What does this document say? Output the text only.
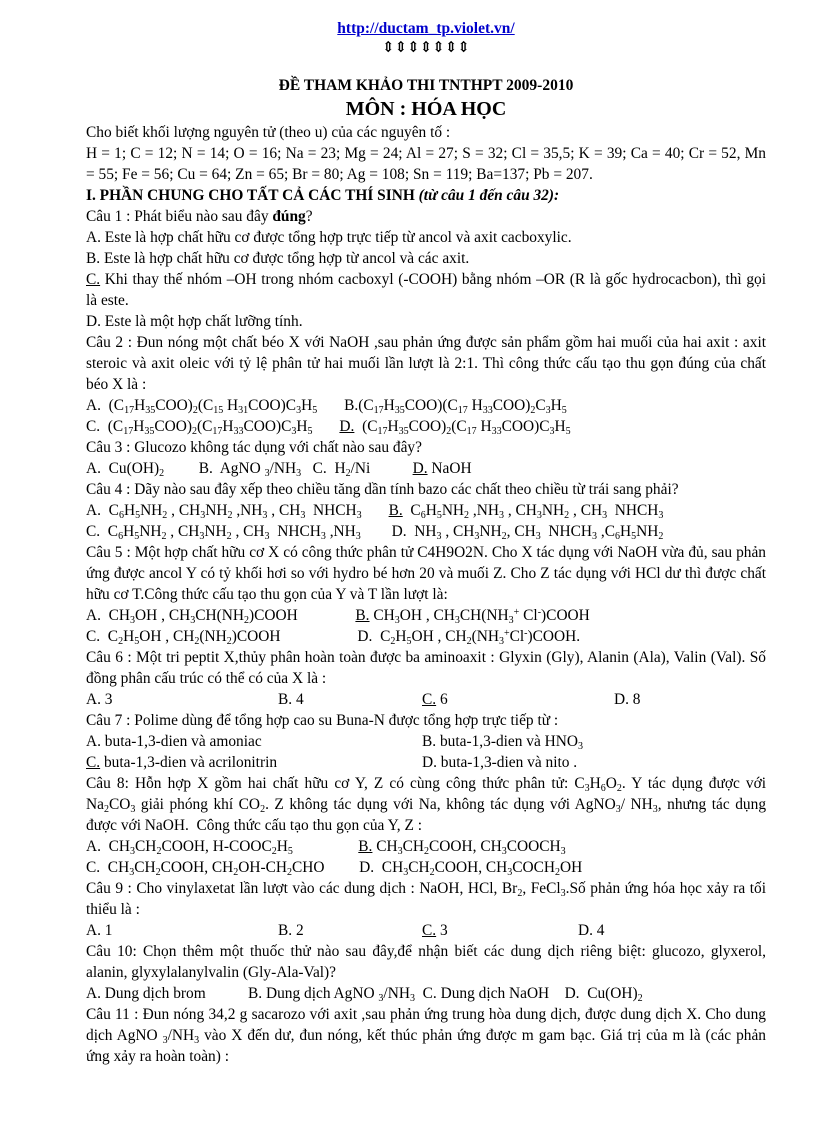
http://ductam_tp.violet.vn/
⇕⇕⇕⇕⇕⇕⇕
ĐỀ THAM KHẢO THI TNTHPT 2009-2010
MÔN : HÓA HỌC
Cho biết khối lượng nguyên tử (theo u) của các nguyên tố :
H = 1; C = 12; N = 14; O = 16; Na = 23; Mg = 24; Al = 27; S = 32; Cl = 35,5; K = 39; Ca = 40; Cr = 52, Mn = 55; Fe = 56; Cu = 64; Zn = 65; Br = 80; Ag = 108; Sn = 119; Ba=137; Pb = 207.
I. PHẦN CHUNG CHO TẤT CẢ CÁC THÍ SINH (từ câu 1 đến câu 32):
Câu 1 : Phát biểu nào sau đây đúng?
A. Este là hợp chất hữu cơ được tổng hợp trực tiếp từ ancol và axit cacboxylic.
B. Este là hợp chất hữu cơ được tổng hợp từ ancol và các axit.
C. Khi thay thế nhóm –OH trong nhóm cacboxyl (-COOH) bằng nhóm –OR (R là gốc hydrocacbon), thì gọi là este.
D. Este là một hợp chất lưỡng tính.
Câu 2 : Đun nóng một chất béo X với NaOH ,sau phản ứng được sản phẩm gồm hai muối của hai axit : axit steroic và axit oleic với tỷ lệ phân tử hai muối lần lượt là 2:1. Thì công thức cấu tạo thu gọn đúng của chất béo X là :
A.  $(C_{17}H_{35}COO)_2(C_{15}$ $H_{31}COO)C_3H_5$       $B.(C_{17}H_{35}COO)(C_{17}$ $H_{33}COO)_2C_3H_5$
C.  $(C_{17}H_{35}COO)_2(C_{17}H_{33}COO)C_3H_5$ D.  $(C_{17}H_{35}COO)_2(C_{17}$ $H_{33}COO)C_3H_5$
Câu 3 : Glucozo không tác dụng với chất nào sau đây?
A.  $Cu(OH)_2$         B.  AgNO $_3/NH_3$   C.  $H_2/Ni$           D. NaOH
Câu 4 : Dãy nào sau đây xếp theo chiều tăng dần tính bazo các chất theo chiều từ trái sang phải?
A.  $C_6H_5NH_2$ , $CH_3NH_2$ $,NH_3$ , $CH_3$  $NHCH_3$ B.  $C_6H_5NH_2$ $,NH_3$ , $CH_3NH_2$ , $CH_3$  $NHCH_3$
C.  $C_6H_5NH_2$ , $CH_3NH_2$ , $CH_3$  $NHCH_3$ $,NH_3$        D.  $NH_3$ , $CH_3NH_2$, $CH_3$  $NHCH_3$ $,C_6H_5NH_2$
Câu 5 : Một hợp chất hữu cơ X có công thức phân tử C4H9O2N. Cho X tác dụng với NaOH vừa đủ, sau phản ứng được ancol Y có tỷ khối hơi so với hydro bé hơn 20 và muối Z. Cho Z tác dụng với HCl dư thì được chất hữu cơ T.Công thức cấu tạo thu gọn của Y và T lần lượt là:
A.  $CH_3OH$ , $CH_3CH(NH_2)COOH$               B. $CH_3OH$ , $CH_3CH(NH_3^+$ Cl-)COOH
C.  $C_2H_5OH$ , $CH_2(NH_2)COOH$                    D.  $C_2H_5OH$ , $CH_2(NH_3^+Cl^-)COOH$.
Câu 6 : Một tri peptit X,thủy phân hoàn toàn được ba aminoaxit : Glyxin (Gly), Alanin (Ala), Valin (Val). Số đồng phân cấu trúc có thể có của X là :
A. 3	B. 4	C. 6	D. 8
Câu 7 : Polime dùng để tổng hợp cao su Buna-N được tổng hợp trực tiếp từ :
A. buta-1,3-dien và amoniac	B. buta-1,3-dien và $HNO_3$
C. buta-1,3-dien và acrilonitrin	D. buta-1,3-dien và nito .
Câu 8: Hỗn hợp X gồm hai chất hữu cơ Y, Z có cùng công thức phân tử: $C_3H_6O_2$. Y tác dụng được với $Na_2CO_3$ giải phóng khí $CO_2$. Z không tác dụng với Na, không tác dụng với AgNO$_3$/ $NH_3$, nhưng tác dụng được với NaOH.  Công thức cấu tạo thu gọn của Y, Z :
A.  $CH_3CH_2COOH$, $H-COOC_2H_5$	B. $CH_3CH_2COOH$, $CH_3COOCH_3$
C.  $CH_3CH_2COOH$, $CH_2OH-CH_2CHO$         D.  $CH_3CH_2COOH$, $CH_3COCH_2OH$
Câu 9 : Cho vinylaxetat lần lượt vào các dung dịch : NaOH, HCl, $Br_2$, FeCl$_3$.Số phản ứng hóa học xảy ra tối thiểu là :
A. 1	B. 2	C. 3	D. 4
Câu 10: Chọn thêm một thuốc thử nào sau đây,để nhận biết các dung dịch riêng biệt: glucozo, glyxerol, alanin, glyxylalanylvalin (Gly-Ala-Val)?
A. Dung dịch brom           B. Dung dịch AgNO $_3/NH_3$ C. Dung dịch NaOH    D.  $Cu(OH)_2$
Câu 11 : Đun nóng 34,2 g sacarozo với axit ,sau phản ứng trung hòa dung dịch, được dung dịch X. Cho dung dịch AgNO $_3/NH_3$ vào X đến dư, đun nóng, kết thúc phản ứng được m gam bạc. Giá trị của m là (các phản ứng xảy ra hoàn toàn) :
